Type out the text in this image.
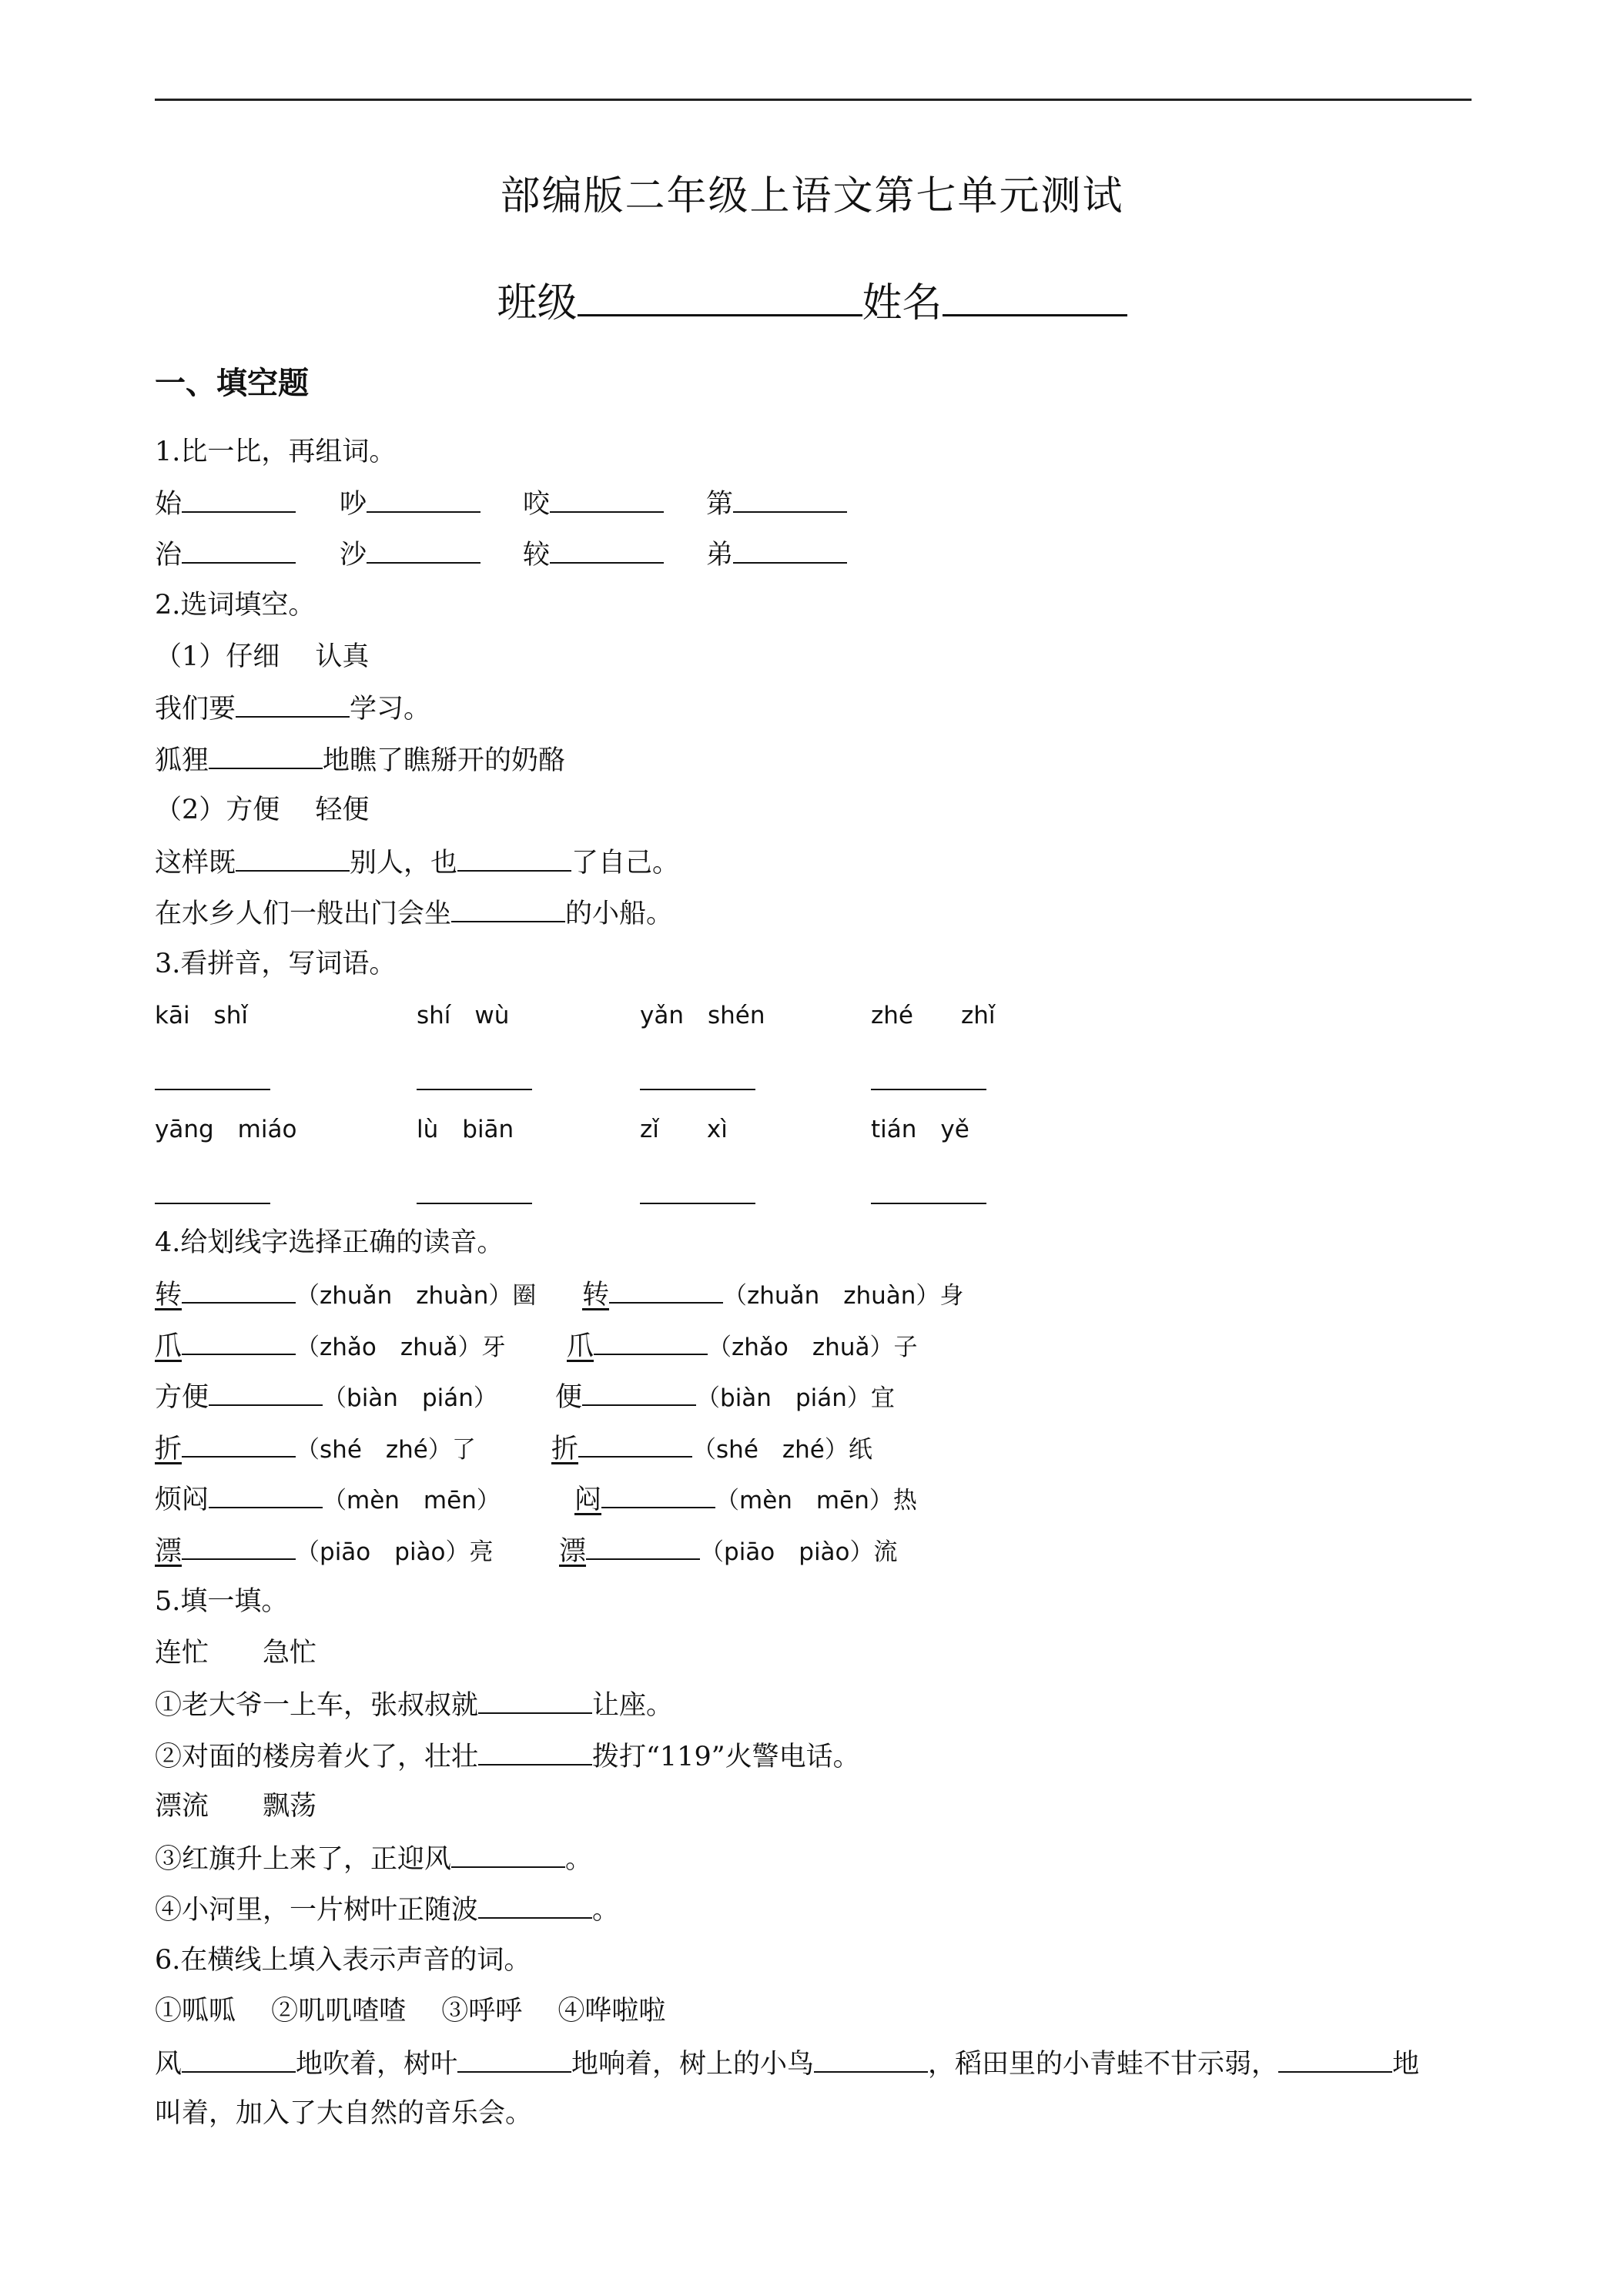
部编版二年级上语文第七单元测试
班级	姓名
一、填空题
1.比一比，再组词。
始	吵	咬	第
治	沙	较	弟
2.选词填空。
（1）仔细　 认真
我们要	学习。
狐狸	地瞧了瞧掰开的奶酪
（2）方便　 轻便
这样既	别人，也	了自己。
在水乡人们一般出门会坐	的小船。
3.看拼音，写词语。
kāi　shǐ	shí　wù	yǎn　shén	zhé　　zhǐ
yāng　miáo	lù　biān	zǐ　　xì	tián　yě
4.给划线字选择正确的读音。
转	（zhuǎn　zhuàn）圈 转	（zhuǎn　zhuàn）身
爪	（zhǎo　zhuǎ）牙 爪	（zhǎo　zhuǎ）子
方便	（biàn　pián） 便	（biàn　pián）宜
折	（shé　zhé）了	折	（shé　zhé）纸
烦闷	（mèn　mēn）	闷	（mèn　mēn）热
漂	（piāo　piào）亮 漂	（piāo　piào）流
5.填一填。
连忙　　急忙
①老大爷一上车，张叔叔就	让座。
②对面的楼房着火了，壮壮	拨打“119”火警电话。
漂流　　飘荡
③红旗升上来了，正迎风	。
④小河里，一片树叶正随波	。
6.在横线上填入表示声音的词。
①呱呱　 ②叽叽喳喳　 ③呼呼　 ④哗啦啦
风	地吹着，树叶	地响着，树上的小鸟	，稻田里的小青蛙不甘示弱，	地
叫着，加入了大自然的音乐会。
